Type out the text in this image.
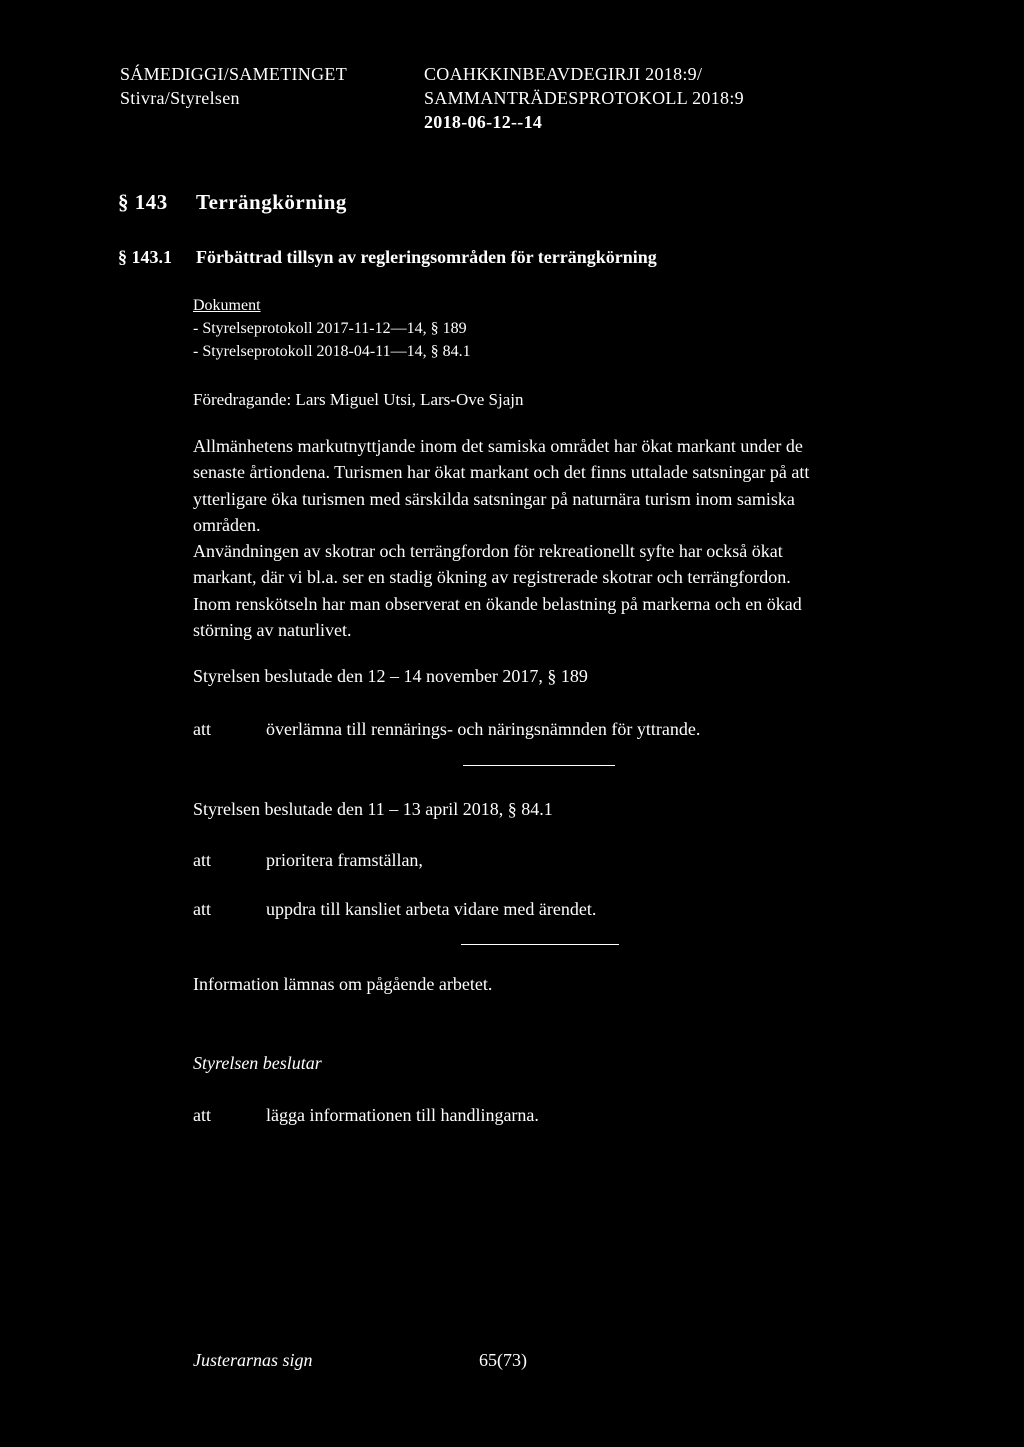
SÁMEDIGGI/SAMETINGET
Stivra/Styrelsen
COAHKKINBEAVDEGIRJI 2018:9/
SAMMANTRÄDESPROTOKOLL 2018:9
2018-06-12--14
§ 143 Terrängkörning
§ 143.1 Förbättrad tillsyn av regleringsområden för terrängkörning
Dokument
- Styrelseprotokoll 2017-11-12—14, § 189
- Styrelseprotokoll 2018-04-11—14, § 84.1
Föredragande: Lars Miguel Utsi, Lars-Ove Sjajn
Allmänhetens markutnyttjande inom det samiska området har ökat markant under de
senaste årtiondena. Turismen har ökat markant och det finns uttalade satsningar på att
ytterligare öka turismen med särskilda satsningar på naturnära turism inom samiska
områden.
Användningen av skotrar och terrängfordon för rekreationellt syfte har också ökat
markant, där vi bl.a. ser en stadig ökning av registrerade skotrar och terrängfordon.
Inom renskötseln har man observerat en ökande belastning på markerna och en ökad
störning av naturlivet.
Styrelsen beslutade den 12 – 14 november 2017, § 189
att	överlämna till rennärings- och näringsnämnden för yttrande.
Styrelsen beslutade den 11 – 13 april 2018, § 84.1
att	prioritera framställan,
att	uppdra till kansliet arbeta vidare med ärendet.
Information lämnas om pågående arbetet.
Styrelsen beslutar
att	lägga informationen till handlingarna.
Justerarnas sign	65(73)
